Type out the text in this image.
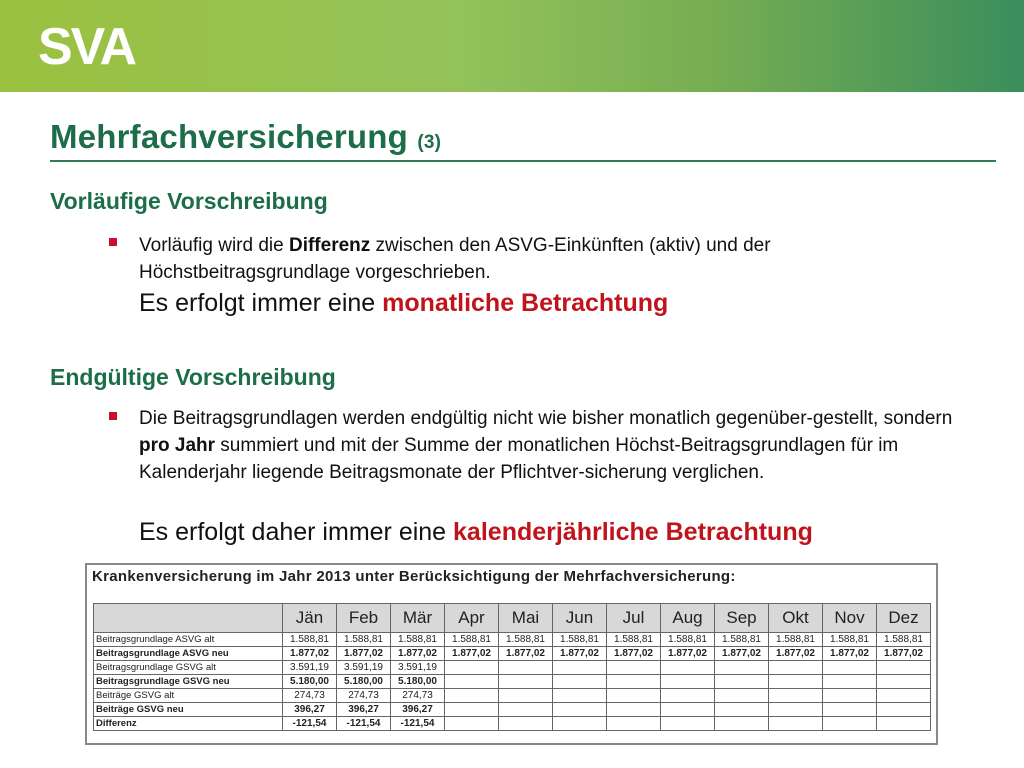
SVA
Mehrfachversicherung (3)
Vorläufige Vorschreibung
Vorläufig wird die Differenz zwischen den ASVG-Einkünften (aktiv) und der Höchstbeitragsgrundlage vorgeschrieben.
Es erfolgt immer eine monatliche Betrachtung
Endgültige Vorschreibung
Die Beitragsgrundlagen werden endgültig nicht wie bisher monatlich gegenüber-gestellt, sondern pro Jahr summiert und mit der Summe der monatlichen Höchst-Beitragsgrundlagen für im Kalenderjahr liegende Beitragsmonate der Pflichtver-sicherung verglichen.
Es erfolgt daher immer eine kalenderjährliche Betrachtung
Krankenversicherung im Jahr 2013 unter Berücksichtigung der Mehrfachversicherung:
	Jän	Feb	Mär	Apr	Mai	Jun	Jul	Aug	Sep	Okt	Nov	Dez
Beitragsgrundlage ASVG alt	1.588,81	1.588,81	1.588,81	1.588,81	1.588,81	1.588,81	1.588,81	1.588,81	1.588,81	1.588,81	1.588,81	1.588,81
Beitragsgrundlage ASVG neu	1.877,02	1.877,02	1.877,02	1.877,02	1.877,02	1.877,02	1.877,02	1.877,02	1.877,02	1.877,02	1.877,02	1.877,02
Beitragsgrundlage GSVG alt	3.591,19	3.591,19	3.591,19									
Beitragsgrundlage GSVG neu	5.180,00	5.180,00	5.180,00									
Beiträge GSVG alt	274,73	274,73	274,73									
Beiträge GSVG neu	396,27	396,27	396,27									
Differenz	-121,54	-121,54	-121,54									
